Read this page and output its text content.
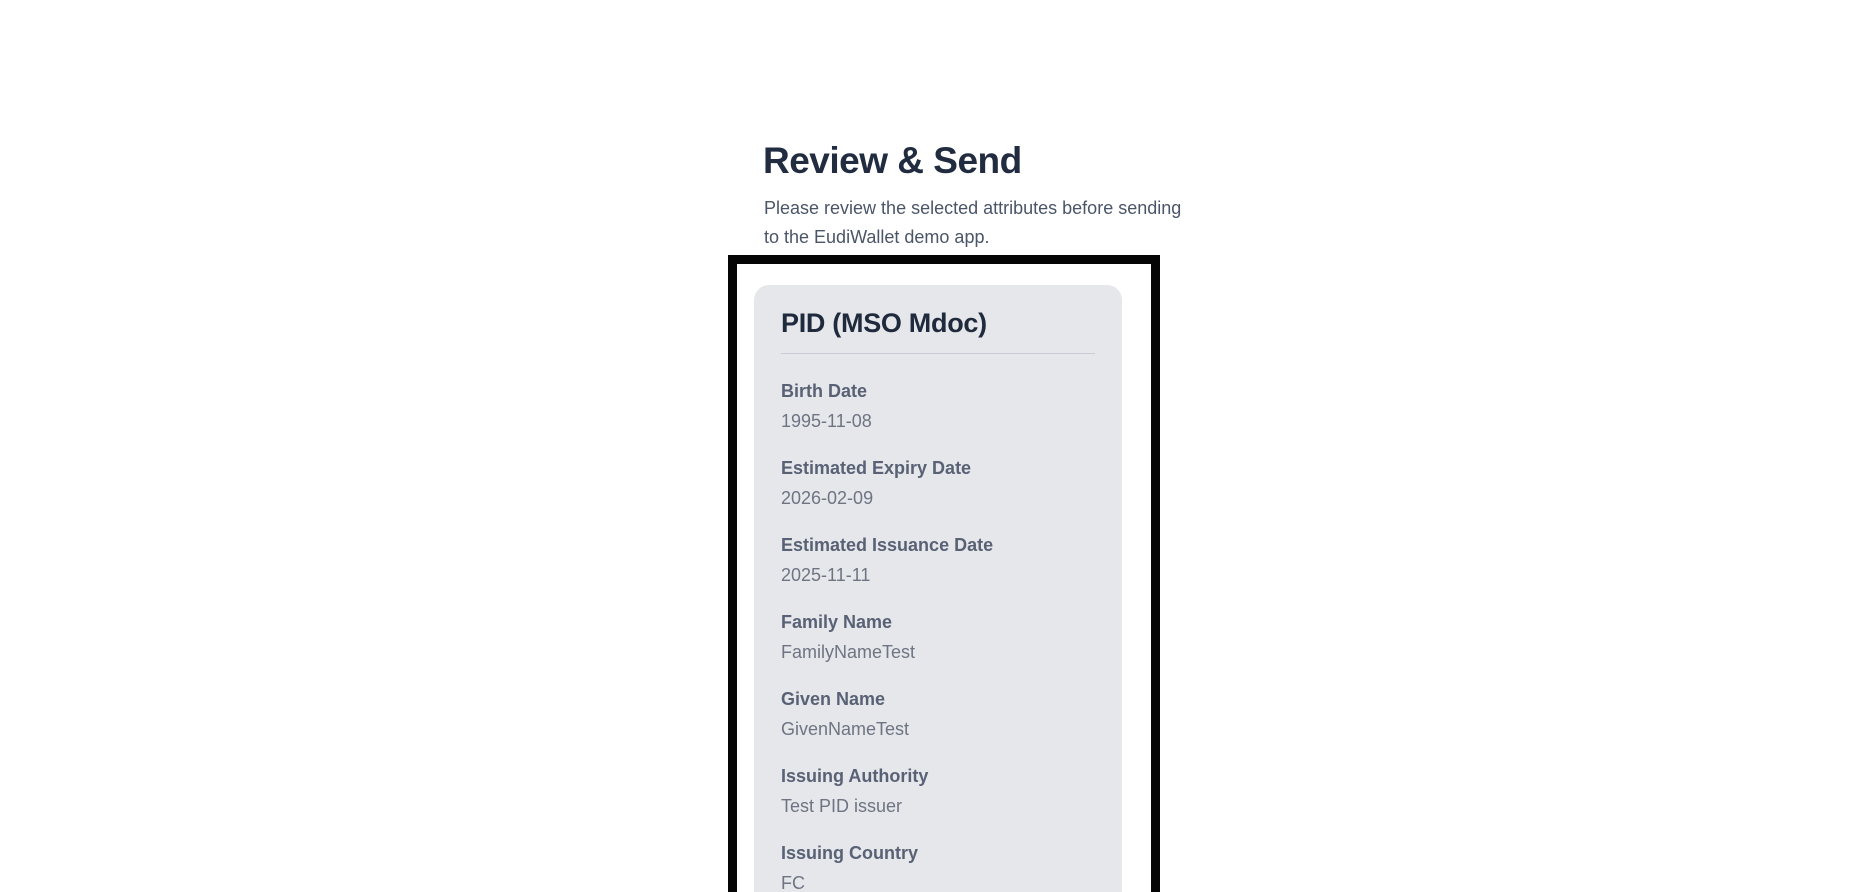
Review & Send
Please review the selected attributes before sending
to the EudiWallet demo app.
PID (MSO Mdoc)
Birth Date
1995-11-08
Estimated Expiry Date
2026-02-09
Estimated Issuance Date
2025-11-11
Family Name
FamilyNameTest
Given Name
GivenNameTest
Issuing Authority
Test PID issuer
Issuing Country
FC
